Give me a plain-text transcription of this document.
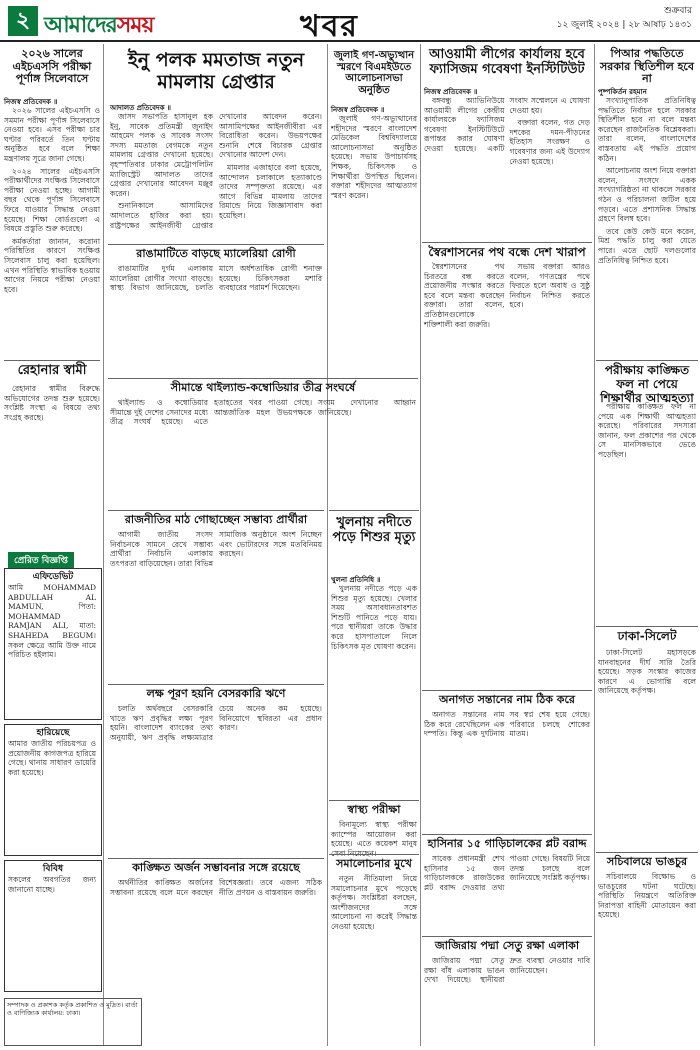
২ আমাদেরসময়	খবর	শুক্রবার
১২ জুলাই ২০২৪ | ২৮ আষাঢ় ১৪৩১
২০২৬ সালের এইচএসসি পরীক্ষা পূর্ণাঙ্গ সিলেবাসে
নিজস্ব প্রতিবেদক ॥

২০২৬ সালের এইচএসসি ও সমমান পরীক্ষা পূর্ণাঙ্গ সিলেবাসে নেওয়া হবে। এসব পরীক্ষা চার ঘণ্টার পরিবর্তে তিন ঘণ্টায় অনুষ্ঠিত হবে বলে শিক্ষা মন্ত্রণালয় সূত্রে জানা গেছে।

২০২৪ সালের এইচএসসি পরীক্ষার্থীদের সংক্ষিপ্ত সিলেবাসে পরীক্ষা নেওয়া হচ্ছে। আগামী বছর থেকে পূর্ণাঙ্গ সিলেবাসে ফিরে যাওয়ার সিদ্ধান্ত নেওয়া হয়েছে। শিক্ষা বোর্ডগুলো এ বিষয়ে প্রস্তুতি শুরু করেছে।

কর্মকর্তারা জানান, করোনা পরিস্থিতির কারণে সংক্ষিপ্ত সিলেবাস চালু করা হয়েছিল। এখন পরিস্থিতি স্বাভাবিক হওয়ায় আগের নিয়মে পরীক্ষা নেওয়া হবে।

রেহানার স্বামী

রেহানার স্বামীর বিরুদ্ধে অভিযোগের তদন্ত শুরু হয়েছে। সংশ্লিষ্ট সংস্থা এ বিষয়ে তথ্য সংগ্রহ করছে।

প্রেরিত বিজ্ঞপ্তি
এফিডেভিট
আমি MOHAMMAD ABDULLAH AL MAMUN, পিতা: MOHAMMAD RAMJAN ALI, মাতা: SHAHEDA BEGUM। সকল ক্ষেত্রে আমি উক্ত নামে পরিচিত হইলাম।
হারিয়েছে
আমার জাতীয় পরিচয়পত্র ও প্রয়োজনীয় কাগজপত্র হারিয়ে গেছে। থানায় সাধারণ ডায়েরি করা হয়েছে।
বিবিধ
সকলের অবগতির জন্য জানানো যাচ্ছে।
সম্পাদক ও প্রকাশক কর্তৃক প্রকাশিত ও মুদ্রিত। বার্তা ও বাণিজ্যিক কার্যালয়: ঢাকা।
ইনু পলক মমতাজ নতুন মামলায় গ্রেপ্তার
আদালত প্রতিবেদক ॥

জাসদ সভাপতি হাসানুল হক ইনু, সাবেক প্রতিমন্ত্রী জুনাইদ আহমেদ পলক ও সাবেক সংসদ সদস্য মমতাজ বেগমকে নতুন মামলায় গ্রেপ্তার দেখানো হয়েছে। বৃহস্পতিবার ঢাকার মেট্রোপলিটন ম্যাজিস্ট্রেট আদালত তাদের গ্রেপ্তার দেখানোর আবেদন মঞ্জুর করেন।

শুনানিকালে আসামিদের আদালতে হাজির করা হয়। রাষ্ট্রপক্ষের আইনজীবী গ্রেপ্তার দেখানোর আবেদন করেন। আসামিপক্ষের আইনজীবীরা এর বিরোধিতা করেন। উভয়পক্ষের শুনানি শেষে বিচারক গ্রেপ্তার দেখানোর আদেশ দেন।

মামলার এজাহারে বলা হয়েছে, আন্দোলন চলাকালে হত্যাকাণ্ডে তাদের সম্পৃক্ততা রয়েছে। এর আগে বিভিন্ন মামলায় তাদের রিমান্ডে নিয়ে জিজ্ঞাসাবাদ করা হয়েছিল।

রাঙামাটিতে বাড়ছে ম্যালেরিয়া রোগী

রাঙামাটির দুর্গম এলাকায় ম্যালেরিয়া রোগীর সংখ্যা বাড়ছে। স্বাস্থ্য বিভাগ জানিয়েছে, চলতি মাসে অর্ধশতাধিক রোগী শনাক্ত হয়েছে। চিকিৎসকরা মশারি ব্যবহারের পরামর্শ দিয়েছেন।

সীমান্তে থাইল্যান্ড-কম্বোডিয়ার তীব্র সংঘর্ষে

থাইল্যান্ড ও কম্বোডিয়ার সীমান্তে দুই দেশের সেনাদের মধ্যে তীব্র সংঘর্ষ হয়েছে। এতে হতাহতের খবর পাওয়া গেছে। আন্তর্জাতিক মহল উভয়পক্ষকে সংযম দেখানোর আহ্বান জানিয়েছে।

রাজনীতির মাঠ গোছাচ্ছেন সম্ভাব্য প্রার্থীরা

আগামী জাতীয় সংসদ নির্বাচনকে সামনে রেখে সম্ভাব্য প্রার্থীরা নির্বাচনি এলাকায় তৎপরতা বাড়িয়েছেন। তারা বিভিন্ন সামাজিক অনুষ্ঠানে অংশ নিচ্ছেন এবং ভোটারদের সঙ্গে মতবিনিময় করছেন।

লক্ষ পূরণ হয়নি বেসরকারি ঋণে

চলতি অর্থবছরে বেসরকারি খাতে ঋণ প্রবৃদ্ধির লক্ষ্য পূরণ হয়নি। বাংলাদেশ ব্যাংকের তথ্য অনুযায়ী, ঋণ প্রবৃদ্ধি লক্ষ্যমাত্রার চেয়ে অনেক কম হয়েছে। বিনিয়োগে স্থবিরতা এর প্রধান কারণ।

কাঙ্ক্ষিত অর্জন সম্ভাবনার সঙ্গে রয়েছে

অর্থনীতির কাঙ্ক্ষিত অর্জনের সম্ভাবনা রয়েছে বলে মনে করছেন বিশেষজ্ঞরা। তবে এজন্য সঠিক নীতি প্রণয়ন ও বাস্তবায়ন জরুরি।

জুলাই গণ-অভ্যুত্থান স্মরণে বিএমইউতে আলোচনাসভা অনুষ্ঠিত
নিজস্ব প্রতিবেদক ॥

জুলাই গণ-অভ্যুত্থানের শহীদদের স্মরণে বাংলাদেশ মেডিকেল বিশ্ববিদ্যালয়ে আলোচনাসভা অনুষ্ঠিত হয়েছে। সভায় উপাচার্যসহ শিক্ষক, চিকিৎসক ও শিক্ষার্থীরা উপস্থিত ছিলেন। বক্তারা শহীদদের আত্মত্যাগ স্মরণ করেন।

খুলনায় নদীতে পড়ে শিশুর মৃত্যু
খুলনা প্রতিনিধি ॥

খুলনায় নদীতে পড়ে এক শিশুর মৃত্যু হয়েছে। খেলার সময় অসাবধানতাবশত শিশুটি পানিতে পড়ে যায়। পরে স্থানীয়রা তাকে উদ্ধার করে হাসপাতালে নিলে চিকিৎসক মৃত ঘোষণা করেন।

স্বাস্থ্য পরীক্ষা

বিনামূল্যে স্বাস্থ্য পরীক্ষা ক্যাম্পের আয়োজন করা হয়েছে। এতে কয়েকশ মানুষ সেবা নিয়েছেন।

সমালোচনার মুখে

নতুন নীতিমালা নিয়ে সমালোচনার মুখে পড়েছে কর্তৃপক্ষ। সংশ্লিষ্টরা বলছেন, অংশীজনদের সঙ্গে আলোচনা না করেই সিদ্ধান্ত নেওয়া হয়েছে।

আওয়ামী লীগের কার্যালয় হবে ফ্যাসিজম গবেষণা ইনস্টিটিউট
নিজস্ব প্রতিবেদক ॥

বঙ্গবন্ধু অ্যাভিনিউয়ে আওয়ামী লীগের কেন্দ্রীয় কার্যালয়কে ফ্যাসিজম গবেষণা ইনস্টিটিউটে রূপান্তর করার ঘোষণা দেওয়া হয়েছে। একটি সংবাদ সম্মেলনে এ ঘোষণা দেওয়া হয়।

বক্তারা বলেন, গত দেড় দশকের দমন-পীড়নের ইতিহাস সংরক্ষণ ও গবেষণার জন্য এই উদ্যোগ নেওয়া হয়েছে।

স্বৈরশাসনের পথ বন্ধে দেশ খারাপ

স্বৈরশাসনের পথ চিরতরে বন্ধ করতে প্রয়োজনীয় সংস্কার করতে হবে বলে মন্তব্য করেছেন বক্তারা। তারা বলেন, প্রতিষ্ঠানগুলোকে শক্তিশালী করা জরুরি।

সভায় বক্তারা আরও বলেন, গণতন্ত্রের পথে ফিরতে হলে অবাধ ও সুষ্ঠু নির্বাচন নিশ্চিত করতে হবে।

অনাগত সন্তানের নাম ঠিক করে

অনাগত সন্তানের নাম ঠিক করে রেখেছিলেন এক দম্পতি। কিন্তু এক দুর্ঘটনায় সব স্বপ্ন শেষ হয়ে গেছে। পরিবারে চলছে শোকের মাতম।

হাসিনার ১৫ গাড়িচালকের প্লট বরাদ্দ

সাবেক প্রধানমন্ত্রী শেখ হাসিনার ১৫ জন গাড়িচালককে রাজউকের প্লট বরাদ্দ দেওয়ার তথ্য পাওয়া গেছে। বিষয়টি নিয়ে তদন্ত চলছে বলে জানিয়েছে সংশ্লিষ্ট কর্তৃপক্ষ।

জাজিরায় পদ্মা সেতু রক্ষা এলাকা

জাজিরায় পদ্মা সেতু রক্ষা বাঁধ এলাকায় ভাঙন দেখা দিয়েছে। স্থানীয়রা দ্রুত ব্যবস্থা নেওয়ার দাবি জানিয়েছেন।

পিআর পদ্ধতিতে সরকার স্থিতিশীল হবে না
পুষ্পকির্তন রহমান

সংখ্যানুপাতিক প্রতিনিধিত্ব পদ্ধতিতে নির্বাচন হলে সরকার স্থিতিশীল হবে না বলে মন্তব্য করেছেন রাজনৈতিক বিশ্লেষকরা। তারা বলেন, বাংলাদেশের বাস্তবতায় এই পদ্ধতি প্রয়োগ কঠিন।

আলোচনায় অংশ নিয়ে বক্তারা বলেন, সংসদে একক সংখ্যাগরিষ্ঠতা না থাকলে সরকার গঠন ও পরিচালনা জটিল হয়ে পড়বে। এতে প্রশাসনিক সিদ্ধান্ত গ্রহণে বিলম্ব হবে।

তবে কেউ কেউ মনে করেন, মিশ্র পদ্ধতি চালু করা যেতে পারে। এতে ছোট দলগুলোর প্রতিনিধিত্ব নিশ্চিত হবে।

পরীক্ষায় কাঙ্ক্ষিত ফল না পেয়ে শিক্ষার্থীর আত্মহত্যা

পরীক্ষায় কাঙ্ক্ষিত ফল না পেয়ে এক শিক্ষার্থী আত্মহত্যা করেছে। পরিবারের সদস্যরা জানান, ফল প্রকাশের পর থেকে সে মানসিকভাবে ভেঙে পড়েছিল।

ঢাকা-সিলেট

ঢাকা-সিলেট মহাসড়কে যানবাহনের দীর্ঘ সারি তৈরি হয়েছে। সড়ক সংস্কার কাজের কারণে এ ভোগান্তি বলে জানিয়েছে কর্তৃপক্ষ।

সচিবালয়ে ভাঙচুর

সচিবালয়ে বিক্ষোভ ও ভাঙচুরের ঘটনা ঘটেছে। পরিস্থিতি নিয়ন্ত্রণে অতিরিক্ত নিরাপত্তা বাহিনী মোতায়েন করা হয়েছে।
